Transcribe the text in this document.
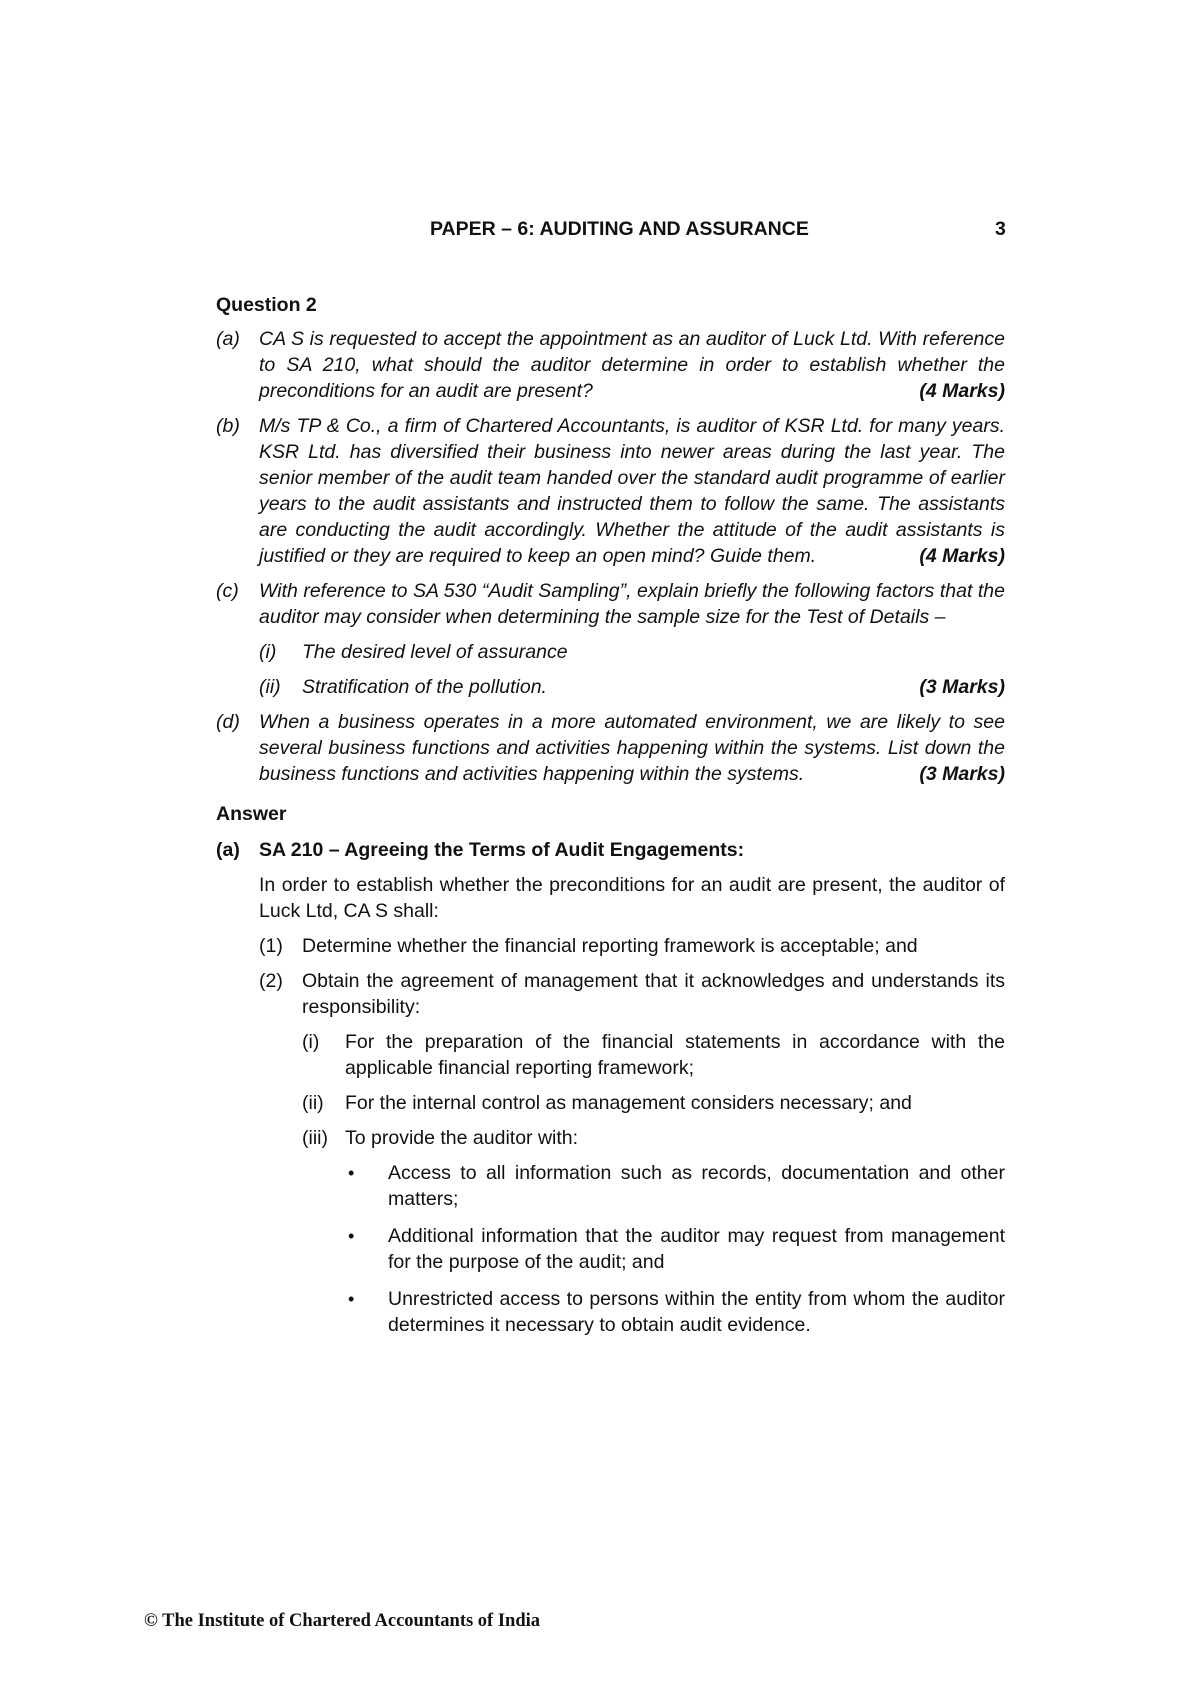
PAPER – 6: AUDITING AND ASSURANCE	3
Question 2
(a) CA S is requested to accept the appointment as an auditor of Luck Ltd. With reference to SA 210, what should the auditor determine in order to establish whether the preconditions for an audit are present?	(4 Marks)
(b) M/s TP & Co., a firm of Chartered Accountants, is auditor of KSR Ltd. for many years. KSR Ltd. has diversified their business into newer areas during the last year. The senior member of the audit team handed over the standard audit programme of earlier years to the audit assistants and instructed them to follow the same. The assistants are conducting the audit accordingly. Whether the attitude of the audit assistants is justified or they are required to keep an open mind? Guide them.	(4 Marks)
(c) With reference to SA 530 “Audit Sampling”, explain briefly the following factors that the auditor may consider when determining the sample size for the Test of Details –
(i) The desired level of assurance
(ii) Stratification of the pollution.	(3 Marks)
(d) When a business operates in a more automated environment, we are likely to see several business functions and activities happening within the systems. List down the business functions and activities happening within the systems.	(3 Marks)
Answer
(a) SA 210 – Agreeing the Terms of Audit Engagements:
In order to establish whether the preconditions for an audit are present, the auditor of Luck Ltd, CA S shall:
(1) Determine whether the financial reporting framework is acceptable; and
(2) Obtain the agreement of management that it acknowledges and understands its responsibility:
(i) For the preparation of the financial statements in accordance with the applicable financial reporting framework;
(ii) For the internal control as management considers necessary; and
(iii) To provide the auditor with:
• Access to all information such as records, documentation and other matters;
• Additional information that the auditor may request from management for the purpose of the audit; and
• Unrestricted access to persons within the entity from whom the auditor determines it necessary to obtain audit evidence.
© The Institute of Chartered Accountants of India
